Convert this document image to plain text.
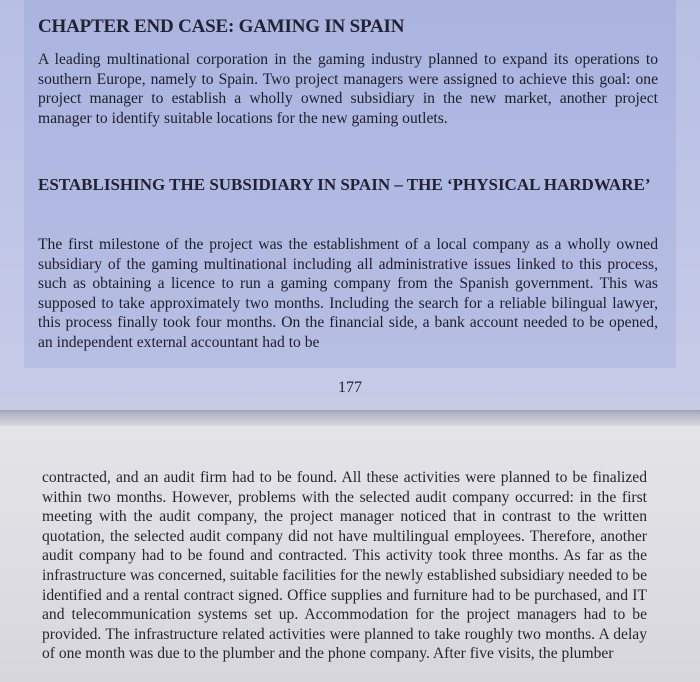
CHAPTER END CASE: GAMING IN SPAIN

A leading multinational corporation in the gaming industry planned to expand its operations to southern Europe, namely to Spain. Two project managers were assigned to achieve this goal: one project manager to establish a wholly owned subsidiary in the new market, another project manager to identify suitable locations for the new gaming outlets.

ESTABLISHING THE SUBSIDIARY IN SPAIN – THE ‘PHYSICAL HARDWARE’

The first milestone of the project was the establishment of a local company as a wholly owned subsidiary of the gaming multinational including all administrative issues linked to this process, such as obtaining a licence to run a gaming company from the Spanish government. This was supposed to take approximately two months. Including the search for a reliable bilingual lawyer, this process finally took four months. On the financial side, a bank account needed to be opened, an independent external accountant had to be

177

contracted, and an audit firm had to be found. All these activities were planned to be finalized within two months. However, problems with the selected audit company occurred: in the first meeting with the audit company, the project manager noticed that in contrast to the written quotation, the selected audit company did not have multilingual employees. Therefore, another audit company had to be found and contracted. This activity took three months. As far as the infrastructure was concerned, suitable facilities for the newly established subsidiary needed to be identified and a rental contract signed. Office supplies and furniture had to be purchased, and IT and telecommunication systems set up. Accommodation for the project managers had to be provided. The infrastructure related activities were planned to take roughly two months. A delay of one month was due to the plumber and the phone company. After five visits, the plumber
